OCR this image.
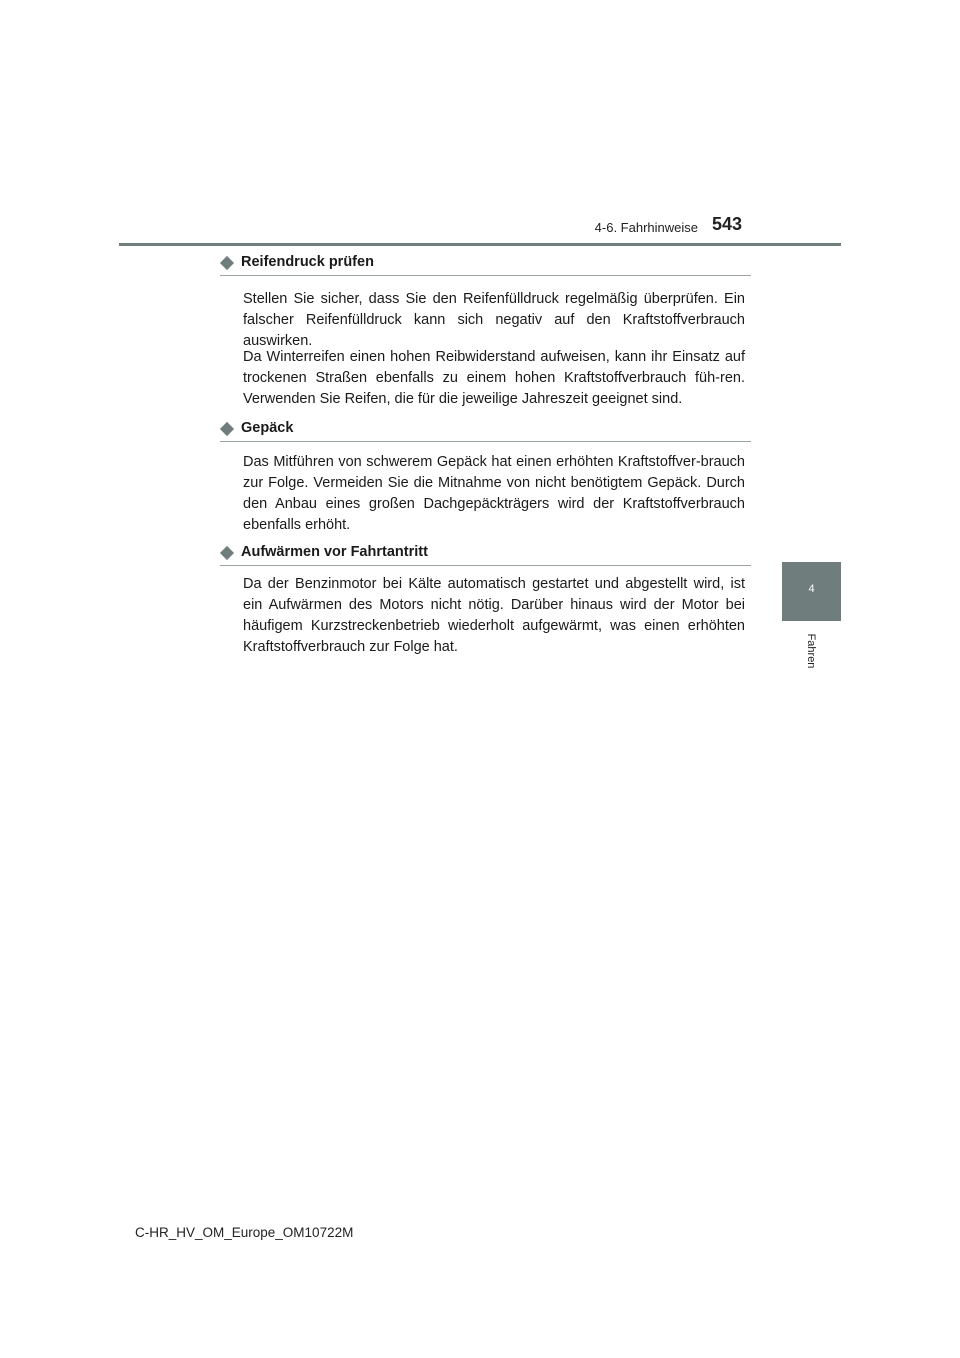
4-6. Fahrhinweise 543
4
Fahren
Reifendruck prüfen
Stellen Sie sicher, dass Sie den Reifenfülldruck regelmäßig überprüfen. Ein falscher Reifenfülldruck kann sich negativ auf den Kraftstoffverbrauch auswirken.
Da Winterreifen einen hohen Reibwiderstand aufweisen, kann ihr Einsatz auf trockenen Straßen ebenfalls zu einem hohen Kraftstoffverbrauch füh-ren. Verwenden Sie Reifen, die für die jeweilige Jahreszeit geeignet sind.
Gepäck
Das Mitführen von schwerem Gepäck hat einen erhöhten Kraftstoffver-brauch zur Folge. Vermeiden Sie die Mitnahme von nicht benötigtem Gepäck. Durch den Anbau eines großen Dachgepäckträgers wird der Kraftstoffverbrauch ebenfalls erhöht.
Aufwärmen vor Fahrtantritt
Da der Benzinmotor bei Kälte automatisch gestartet und abgestellt wird, ist ein Aufwärmen des Motors nicht nötig. Darüber hinaus wird der Motor bei häufigem Kurzstreckenbetrieb wiederholt aufgewärmt, was einen erhöhten Kraftstoffverbrauch zur Folge hat.
C-HR_HV_OM_Europe_OM10722M
